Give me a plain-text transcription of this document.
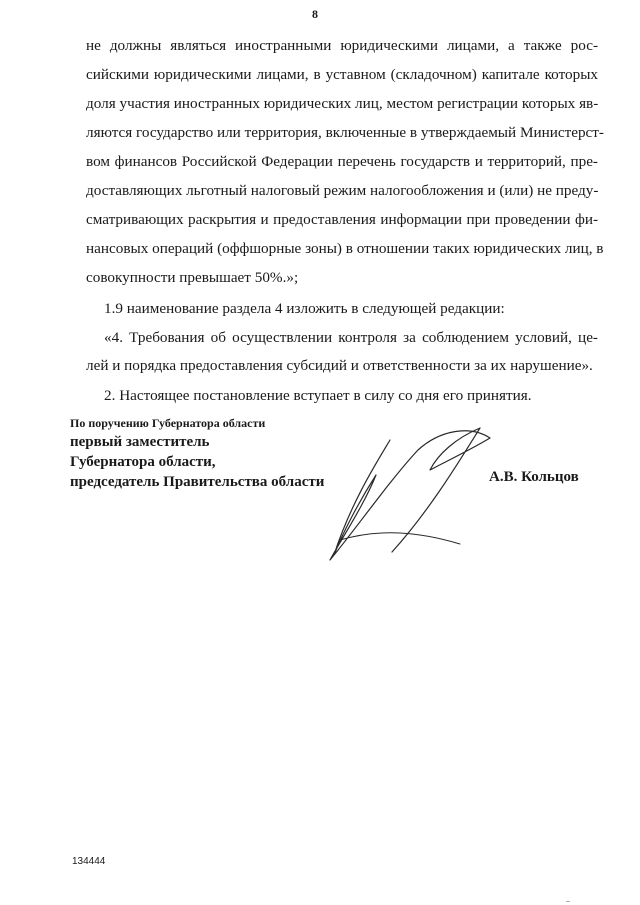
8
не должны являться иностранными юридическими лицами, а также рос-
сийскими юридическими лицами, в уставном (складочном) капитале которых
доля участия иностранных юридических лиц, местом регистрации которых яв-
ляются государство или территория, включенные в утверждаемый Министерст-
вом финансов Российской Федерации перечень государств и территорий, пре-
доставляющих льготный налоговый режим налогообложения и (или) не преду-
сматривающих раскрытия и предоставления информации при проведении фи-
нансовых операций (оффшорные зоны) в отношении таких юридических лиц, в
совокупности превышает 50%.»;
1.9 наименование раздела 4 изложить в следующей редакции:
«4. Требования об осуществлении контроля за соблюдением условий, це-
лей и порядка предоставления субсидий и ответственности за их нарушение».
2. Настоящее постановление вступает в силу со дня его принятия.
По поручению Губернатора области
первый заместитель
Губернатора области,
председатель Правительства области	А.В. Кольцов
134444
..
